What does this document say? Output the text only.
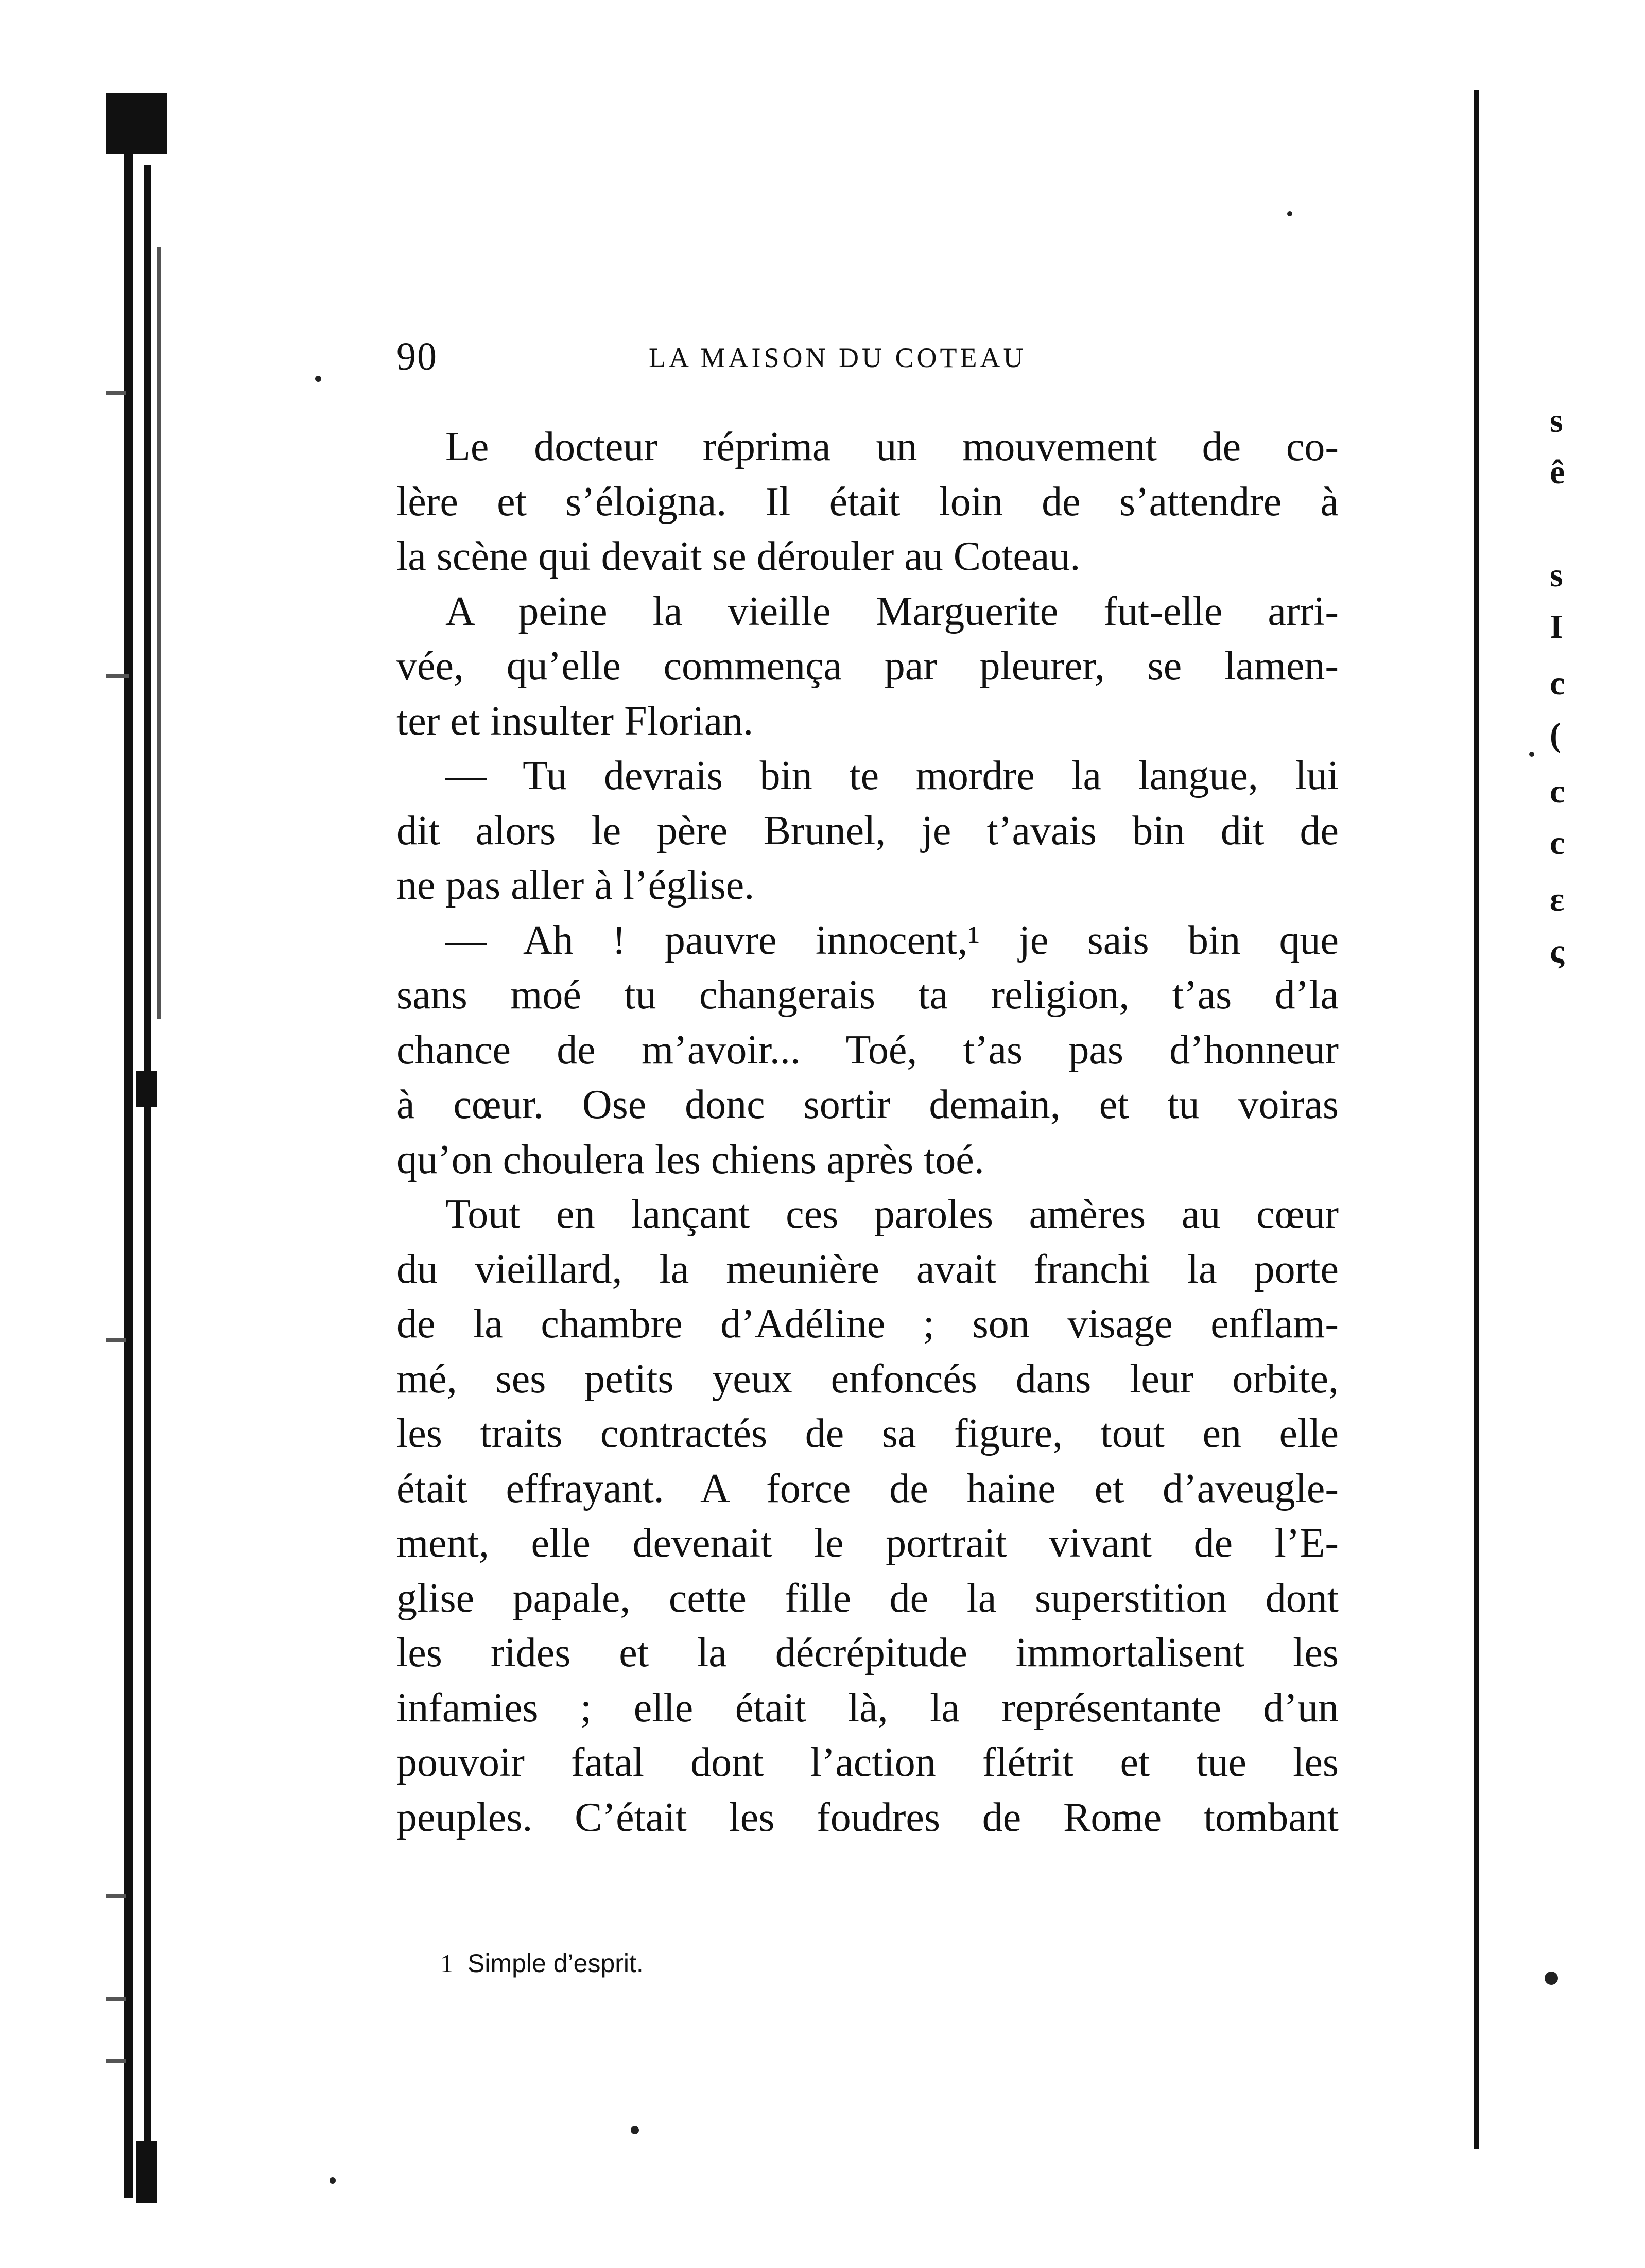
90	LA MAISON DU COTEAU
Le docteur réprima un mouvement de co-
lère et s’éloigna. Il était loin de s’attendre à
la scène qui devait se dérouler au Coteau.
A peine la vieille Marguerite fut-elle arri-
vée, qu’elle commença par pleurer, se lamen-
ter et insulter Florian.
— Tu devrais bin te mordre la langue, lui
dit alors le père Brunel, je t’avais bin dit de
ne pas aller à l’église.
— Ah ! pauvre innocent,¹ je sais bin que
sans moé tu changerais ta religion, t’as d’la
chance de m’avoir... Toé, t’as pas d’honneur
à cœur. Ose donc sortir demain, et tu voiras
qu’on choulera les chiens après toé.
Tout en lançant ces paroles amères au cœur
du vieillard, la meunière avait franchi la porte
de la chambre d’Adéline ; son visage enflam-
mé, ses petits yeux enfoncés dans leur orbite,
les traits contractés de sa figure, tout en elle
était effrayant. A force de haine et d’aveugle-
ment, elle devenait le portrait vivant de l’E-
glise papale, cette fille de la superstition dont
les rides et la décrépitude immortalisent les
infamies ; elle était là, la représentante d’un
pouvoir fatal dont l’action flétrit et tue les
peuples. C’était les foudres de Rome tombant
1 Simple d’esprit.
s
ê
s
I
c
(
c
c
ε
ς
